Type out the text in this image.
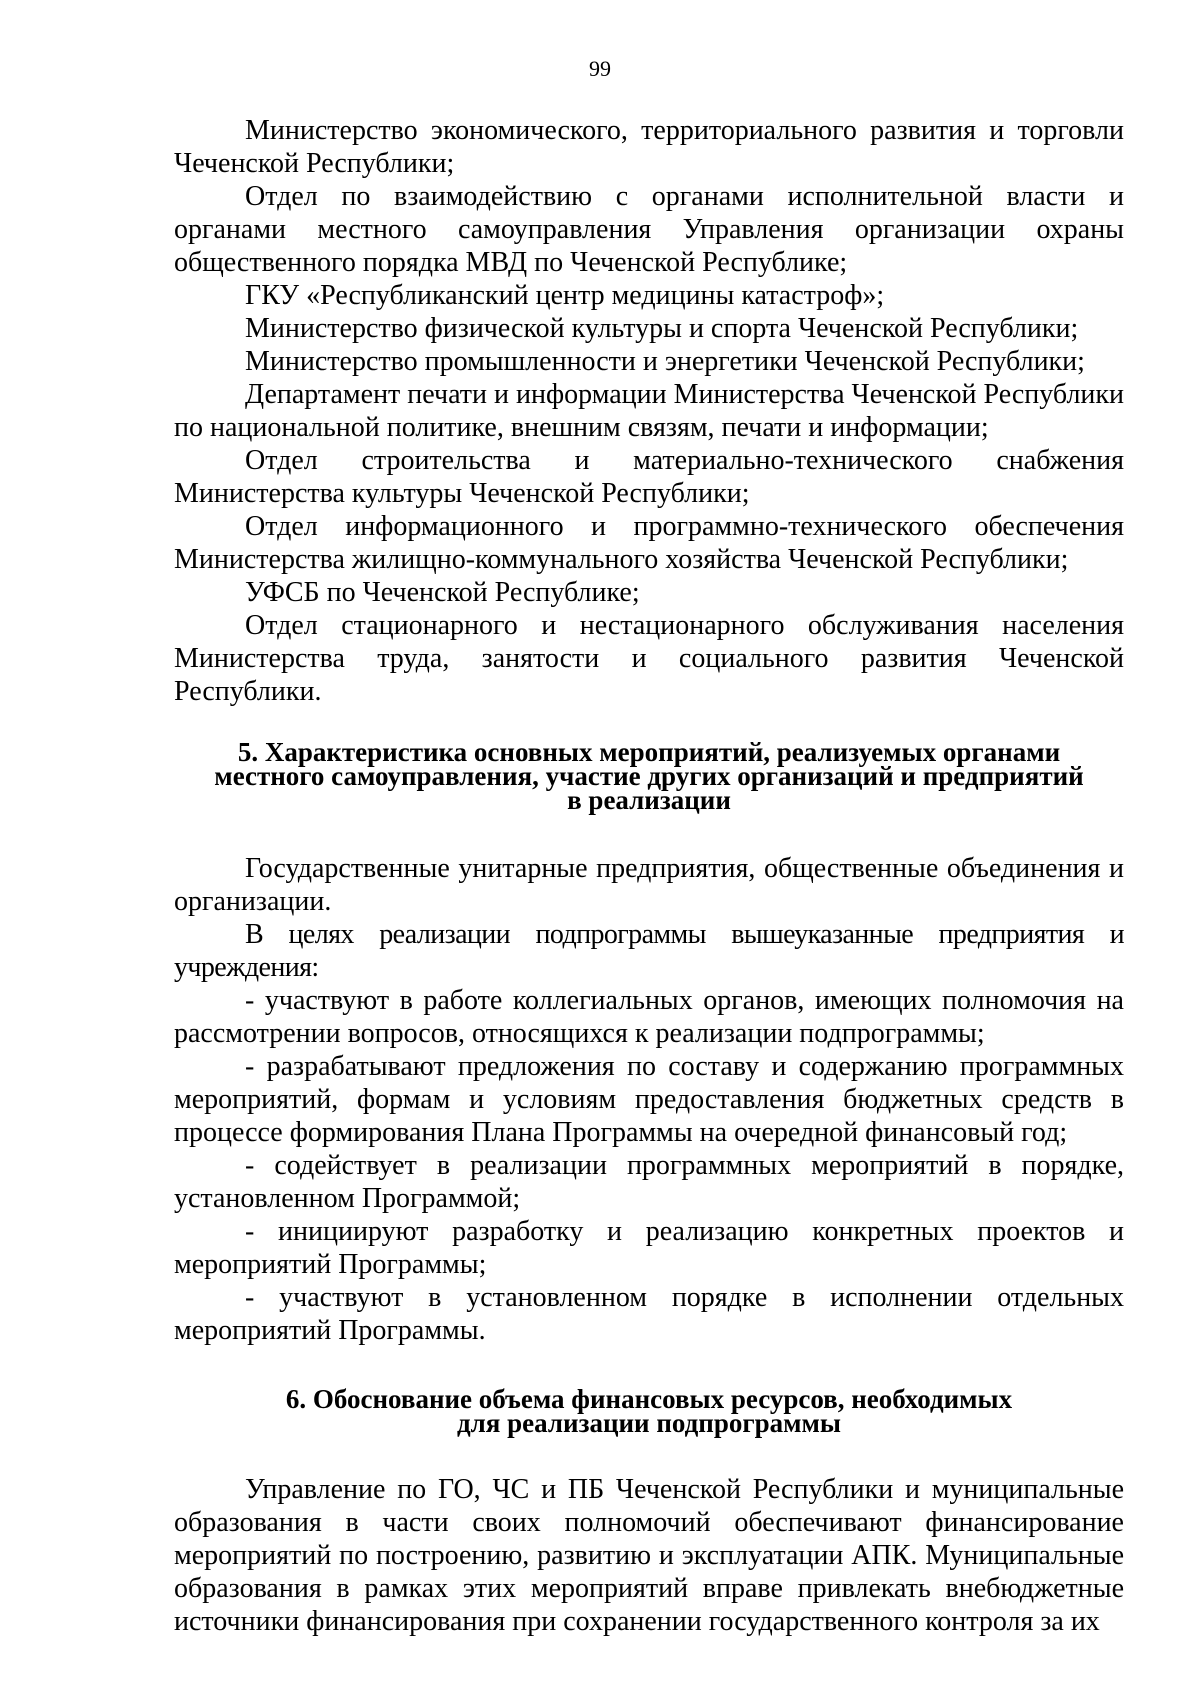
99

Министерство экономического, территориального развития и торговли Чеченской Республики;

Отдел по взаимодействию с органами исполнительной власти и органами местного самоуправления Управления организации охраны общественного порядка МВД по Чеченской Республике;

ГКУ «Республиканский центр медицины катастроф»;

Министерство физической культуры и спорта Чеченской Республики;

Министерство промышленности и энергетики Чеченской Республики;

Департамент печати и информации Министерства Чеченской Республики по национальной политике, внешним связям, печати и информации;

Отдел строительства и материально-технического снабжения Министерства культуры Чеченской Республики;

Отдел информационного и программно-технического обеспечения Министерства жилищно-коммунального хозяйства Чеченской Республики;

УФСБ по Чеченской Республике;

Отдел стационарного и нестационарного обслуживания населения Министерства труда, занятости и социального развития Чеченской Республики.

5. Характеристика основных мероприятий, реализуемых органами
местного самоуправления, участие других организаций и предприятий
в реализации

Государственные унитарные предприятия, общественные объединения и организации.

В целях реализации подпрограммы вышеуказанные предприятия и учреждения:

- участвуют в работе коллегиальных органов, имеющих полномочия на рассмотрении вопросов, относящихся к реализации подпрограммы;

- разрабатывают предложения по составу и содержанию программных мероприятий, формам и условиям предоставления бюджетных средств в процессе формирования Плана Программы на очередной финансовый год;

- содействует в реализации программных мероприятий в порядке, установленном Программой;

- инициируют разработку и реализацию конкретных проектов и мероприятий Программы;

- участвуют в установленном порядке в исполнении отдельных мероприятий Программы.

6. Обоснование объема финансовых ресурсов, необходимых
для реализации подпрограммы

Управление по ГО, ЧС и ПБ Чеченской Республики и муниципальные образования в части своих полномочий обеспечивают финансирование мероприятий по построению, развитию и эксплуатации АПК. Муниципальные образования в рамках этих мероприятий вправе привлекать внебюджетные источники финансирования при сохранении государственного контроля за их
